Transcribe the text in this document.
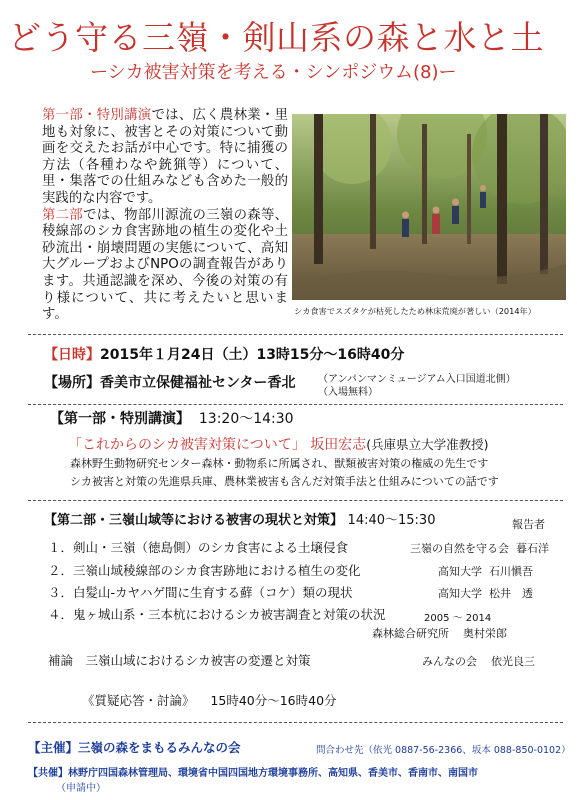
どう守る三嶺・剣山系の森と水と土
ーシカ被害対策を考える・シンポジウム(8)ー
第一部・特別講演では、広く農林業・里地も対象に、被害とその対策について動画を交えたお話が中心です。特に捕獲の方法（各種わなや銃猟等）について、里・集落での仕組みなども含めた一般的実践的な内容です。
第二部では、物部川源流の三嶺の森等、稜線部のシカ食害跡地の植生の変化や土砂流出・崩壊問題の実態について、高知大グループおよびNPOの調査報告があります。共通認識を深め、今後の対策の有り様について、共に考えたいと思います。	シカ食害でスズタケが枯死したため林床荒廃が著しい（2014年）
【日時】2015年１月24日（土）13時15分～16時40分
【場所】香美市立保健福祉センター香北 （アンパンマンミュージアム入口国道北側）
（入場無料）
【第一部・特別講演】 13:20～14:30
「これからのシカ被害対策について」 坂田宏志(兵庫県立大学准教授)
森林野生動物研究センター森林・動物系に所属され、獣類被害対策の権威の先生です
シカ被害と対策の先進県兵庫、農林業被害も含んだ対策手法と仕組みについての話です
【第二部・三嶺山域等における被害の現状と対策】 14:40～15:30	報告者
１．剣山・三嶺（徳島側）のシカ食害による土壌侵食	三嶺の自然を守る会 暮石洋
２．三嶺山域稜線部のシカ食害跡地における植生の変化	高知大学 石川愼吾
３．白髪山-カヤハゲ間に生育する蘚（コケ）類の現状	高知大学 松井　透
４．鬼ヶ城山系・三本杭におけるシカ被害調査と対策の状況	2005 ～ 2014
森林総合研究所 奥村栄郎
補論　三嶺山域におけるシカ被害の変遷と対策	みんなの会 依光良三
《質疑応答・討論》 15時40分～16時40分
【主催】三嶺の森をまもるみんなの会	問合わせ先（依光 0887-56-2366、坂本 088-850-0102）
【共催】林野庁四国森林管理局、環境省中国四国地方環境事務所、高知県、香美市、香南市、南国市
（申請中）
